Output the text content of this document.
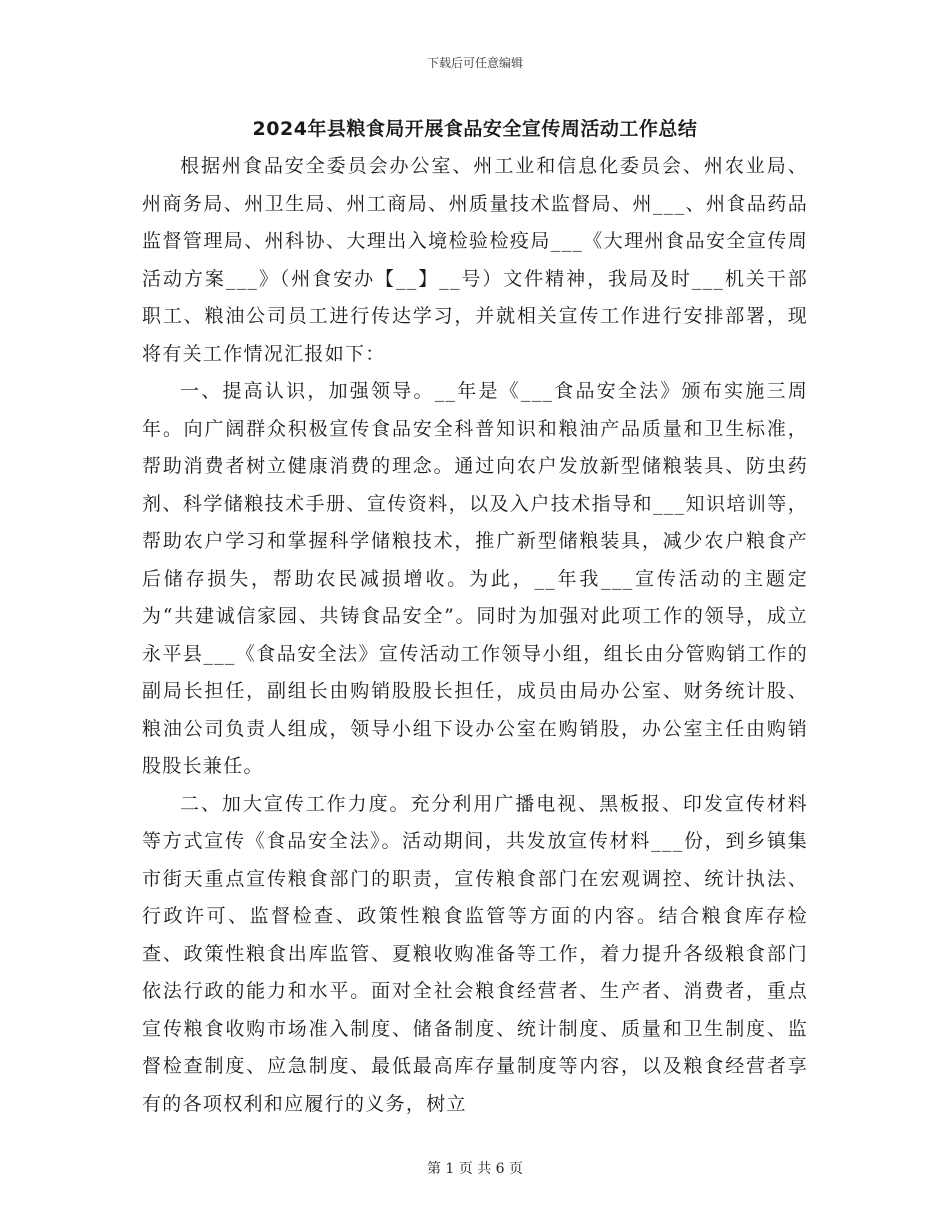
下载后可任意编辑
2024年县粮食局开展食品安全宣传周活动工作总结

根据州食品安全委员会办公室、州工业和信息化委员会、州农业局、州商务局、州卫生局、州工商局、州质量技术监督局、州___、州食品药品监督管理局、州科协、大理出入境检验检疫局___《大理州食品安全宣传周活动方案___》（州食安办【__】__号）文件精神，我局及时___机关干部职工、粮油公司员工进行传达学习，并就相关宣传工作进行安排部署，现将有关工作情况汇报如下：

一、提高认识，加强领导。__年是《___食品安全法》颁布实施三周年。向广阔群众积极宣传食品安全科普知识和粮油产品质量和卫生标准，帮助消费者树立健康消费的理念。通过向农户发放新型储粮装具、防虫药剂、科学储粮技术手册、宣传资料，以及入户技术指导和___知识培训等，帮助农户学习和掌握科学储粮技术，推广新型储粮装具，减少农户粮食产后储存损失，帮助农民减损增收。为此，__年我___宣传活动的主题定为“共建诚信家园、共铸食品安全”。同时为加强对此项工作的领导，成立永平县___《食品安全法》宣传活动工作领导小组，组长由分管购销工作的副局长担任，副组长由购销股股长担任，成员由局办公室、财务统计股、粮油公司负责人组成，领导小组下设办公室在购销股，办公室主任由购销股股长兼任。

二、加大宣传工作力度。充分利用广播电视、黑板报、印发宣传材料等方式宣传《食品安全法》。活动期间，共发放宣传材料___份，到乡镇集市街天重点宣传粮食部门的职责，宣传粮食部门在宏观调控、统计执法、行政许可、监督检查、政策性粮食监管等方面的内容。结合粮食库存检查、政策性粮食出库监管、夏粮收购准备等工作，着力提升各级粮食部门依法行政的能力和水平。面对全社会粮食经营者、生产者、消费者，重点宣传粮食收购市场准入制度、储备制度、统计制度、质量和卫生制度、监督检查制度、应急制度、最低最高库存量制度等内容，以及粮食经营者享有的各项权利和应履行的义务，树立

第 1 页 共 6 页
